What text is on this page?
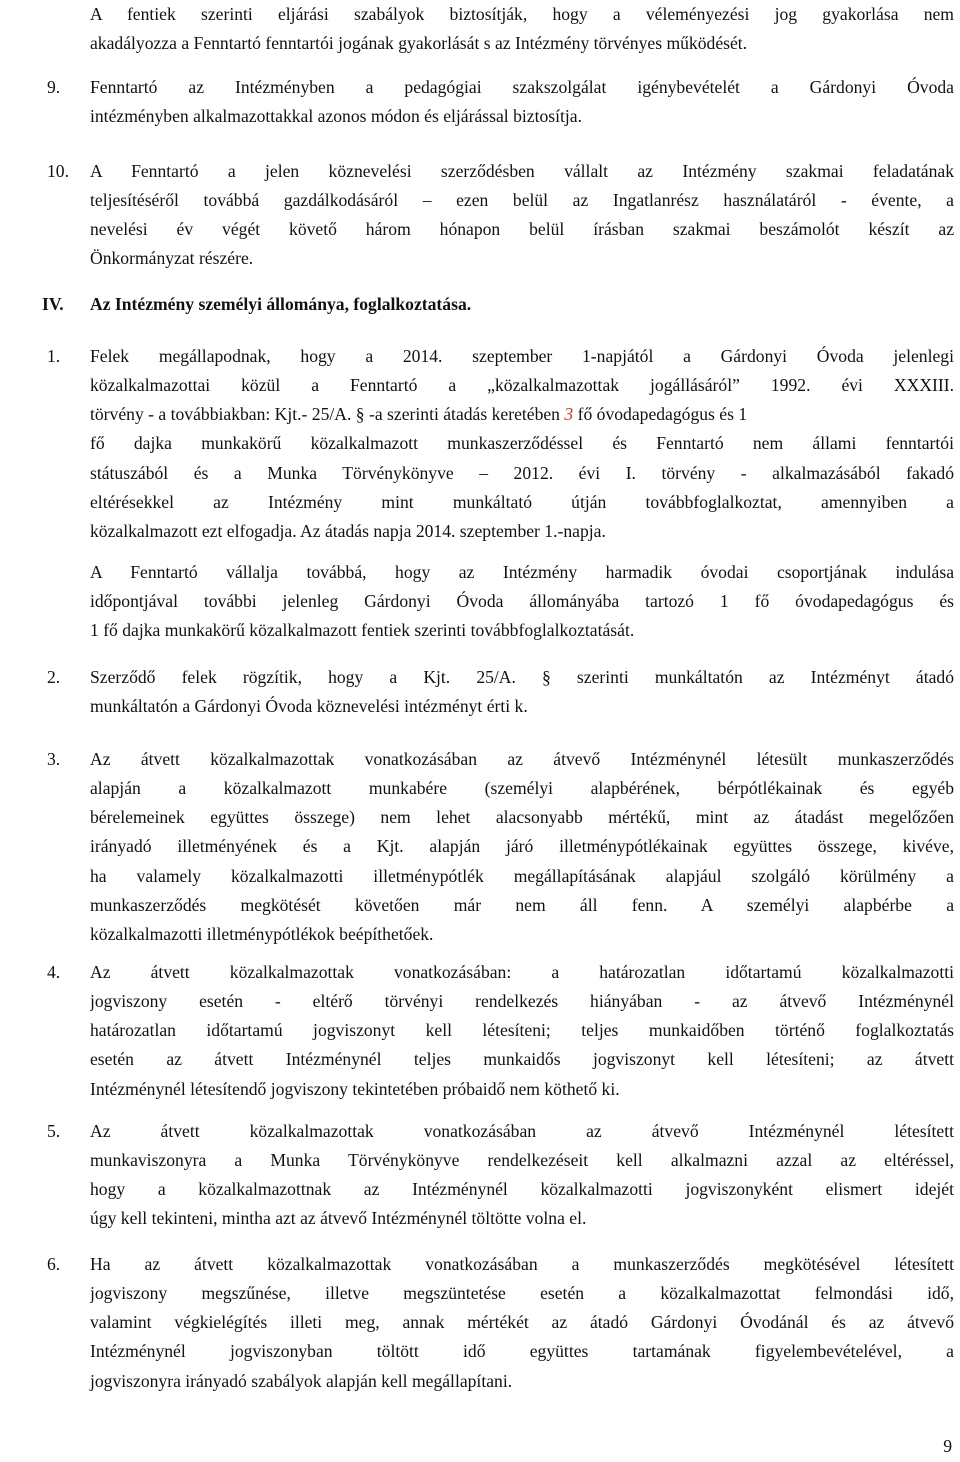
A fentiek szerinti eljárási szabályok biztosítják, hogy a véleményezési jog gyakorlása nem
akadályozza a Fenntartó fenntartói jogának gyakorlását s az Intézmény törvényes működését.
9. Fenntartó az Intézményben a pedagógiai szakszolgálat igénybevételét a Gárdonyi Óvoda
intézményben alkalmazottakkal azonos módon és eljárással biztosítja.
10. A Fenntartó a jelen köznevelési szerződésben vállalt az Intézmény szakmai feladatának
teljesítéséről továbbá gazdálkodásáról – ezen belül az Ingatlanrész használatáról - évente, a
nevelési év végét követő három hónapon belül írásban szakmai beszámolót készít az
Önkormányzat részére.
IV. Az Intézmény személyi állománya, foglalkoztatása.
1. Felek megállapodnak, hogy a 2014. szeptember 1-napjától a Gárdonyi Óvoda jelenlegi
közalkalmazottai közül a Fenntartó a „közalkalmazottak jogállásáról” 1992. évi XXXIII.
törvény - a továbbiakban: Kjt.- 25/A. § -a szerinti átadás keretében 3 fő óvodapedagógus és 1
fő dajka munkakörű közalkalmazott munkaszerződéssel és Fenntartó nem állami fenntartói
státuszából és a Munka Törvénykönyve – 2012. évi I. törvény - alkalmazásából fakadó
eltérésekkel az Intézmény mint munkáltató útján továbbfoglalkoztat, amennyiben a
közalkalmazott ezt elfogadja. Az átadás napja 2014. szeptember 1.-napja.
A Fenntartó vállalja továbbá, hogy az Intézmény harmadik óvodai csoportjának indulása
időpontjával további jelenleg Gárdonyi Óvoda állományába tartozó 1 fő óvodapedagógus és
1 fő dajka munkakörű közalkalmazott fentiek szerinti továbbfoglalkoztatását.
2. Szerződő felek rögzítik, hogy a Kjt. 25/A. § szerinti munkáltatón az Intézményt átadó
munkáltatón a Gárdonyi Óvoda köznevelési intézményt érti k.
3. Az átvett közalkalmazottak vonatkozásában az átvevő Intézménynél létesült munkaszerződés
alapján a közalkalmazott munkabére (személyi alapbérének, bérpótlékainak és egyéb
bérelemeinek együttes összege) nem lehet alacsonyabb mértékű, mint az átadást megelőzően
irányadó illetményének és a Kjt. alapján járó illetménypótlékainak együttes összege, kivéve,
ha valamely közalkalmazotti illetménypótlék megállapításának alapjául szolgáló körülmény a
munkaszerződés megkötését követően már nem áll fenn. A személyi alapbérbe a
közalkalmazotti illetménypótlékok beépíthetőek.
4. Az átvett közalkalmazottak vonatkozásában: a határozatlan időtartamú közalkalmazotti
jogviszony esetén - eltérő törvényi rendelkezés hiányában - az átvevő Intézménynél
határozatlan időtartamú jogviszonyt kell létesíteni; teljes munkaidőben történő foglalkoztatás
esetén az átvett Intézménynél teljes munkaidős jogviszonyt kell létesíteni; az átvett
Intézménynél létesítendő jogviszony tekintetében próbaidő nem köthető ki.
5. Az átvett közalkalmazottak vonatkozásában az átvevő Intézménynél létesített
munkaviszonyra a Munka Törvénykönyve rendelkezéseit kell alkalmazni azzal az eltéréssel,
hogy a közalkalmazottnak az Intézménynél közalkalmazotti jogviszonyként elismert idejét
úgy kell tekinteni, mintha azt az átvevő Intézménynél töltötte volna el.
6. Ha az átvett közalkalmazottak vonatkozásában a munkaszerződés megkötésével létesített
jogviszony megszűnése, illetve megszüntetése esetén a közalkalmazottat felmondási idő,
valamint végkielégítés illeti meg, annak mértékét az átadó Gárdonyi Óvodánál és az átvevő
Intézménynél jogviszonyban töltött idő együttes tartamának figyelembevételével, a
jogviszonyra irányadó szabályok alapján kell megállapítani.
9
